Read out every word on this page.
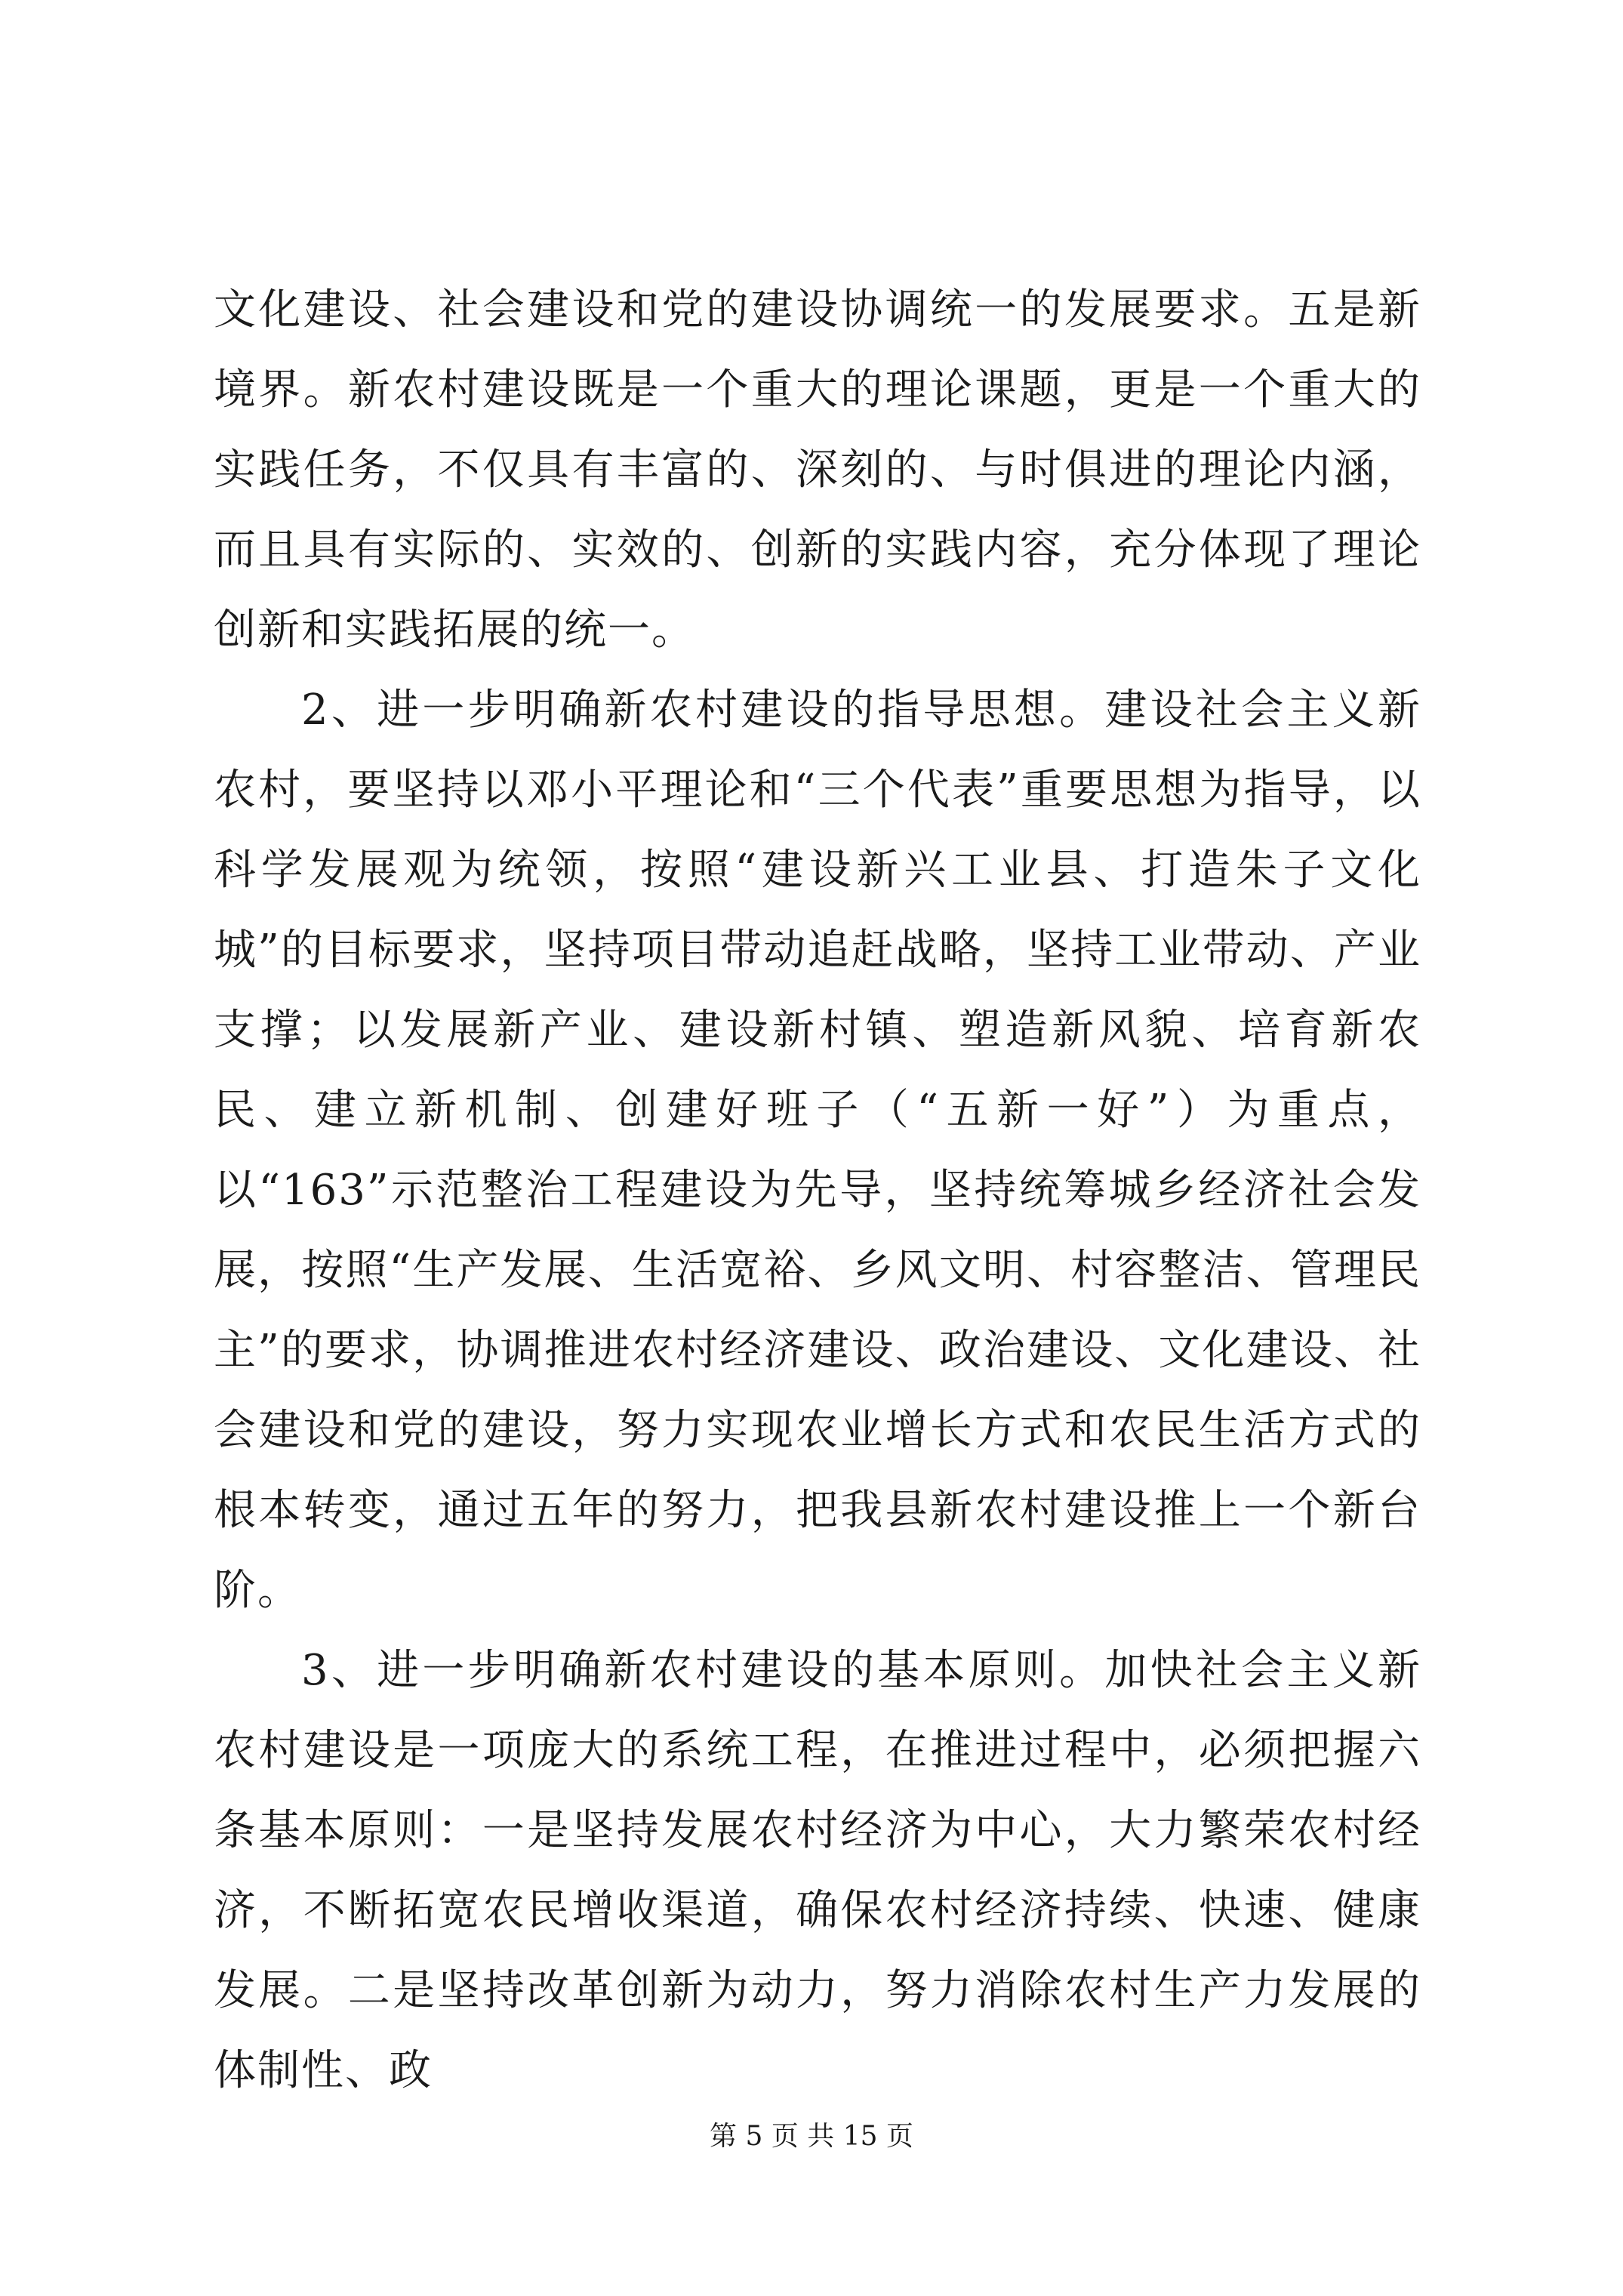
文化建设、社会建设和党的建设协调统一的发展要求。五是新境界。新农村建设既是一个重大的理论课题，更是一个重大的实践任务，不仅具有丰富的、深刻的、与时俱进的理论内涵，而且具有实际的、实效的、创新的实践内容，充分体现了理论创新和实践拓展的统一。

2、进一步明确新农村建设的指导思想。建设社会主义新农村，要坚持以邓小平理论和“三个代表”重要思想为指导，以科学发展观为统领，按照“建设新兴工业县、打造朱子文化城”的目标要求，坚持项目带动追赶战略，坚持工业带动、产业支撑；以发展新产业、建设新村镇、塑造新风貌、培育新农民、建立新机制、创建好班子（“五新一好”）为重点，以“163”示范整治工程建设为先导，坚持统筹城乡经济社会发展，按照“生产发展、生活宽裕、乡风文明、村容整洁、管理民主”的要求，协调推进农村经济建设、政治建设、文化建设、社会建设和党的建设，努力实现农业增长方式和农民生活方式的根本转变，通过五年的努力，把我县新农村建设推上一个新台阶。

3、进一步明确新农村建设的基本原则。加快社会主义新农村建设是一项庞大的系统工程，在推进过程中，必须把握六条基本原则：一是坚持发展农村经济为中心，大力繁荣农村经济，不断拓宽农民增收渠道，确保农村经济持续、快速、健康发展。二是坚持改革创新为动力，努力消除农村生产力发展的体制性、政

第 5 页 共 15 页
